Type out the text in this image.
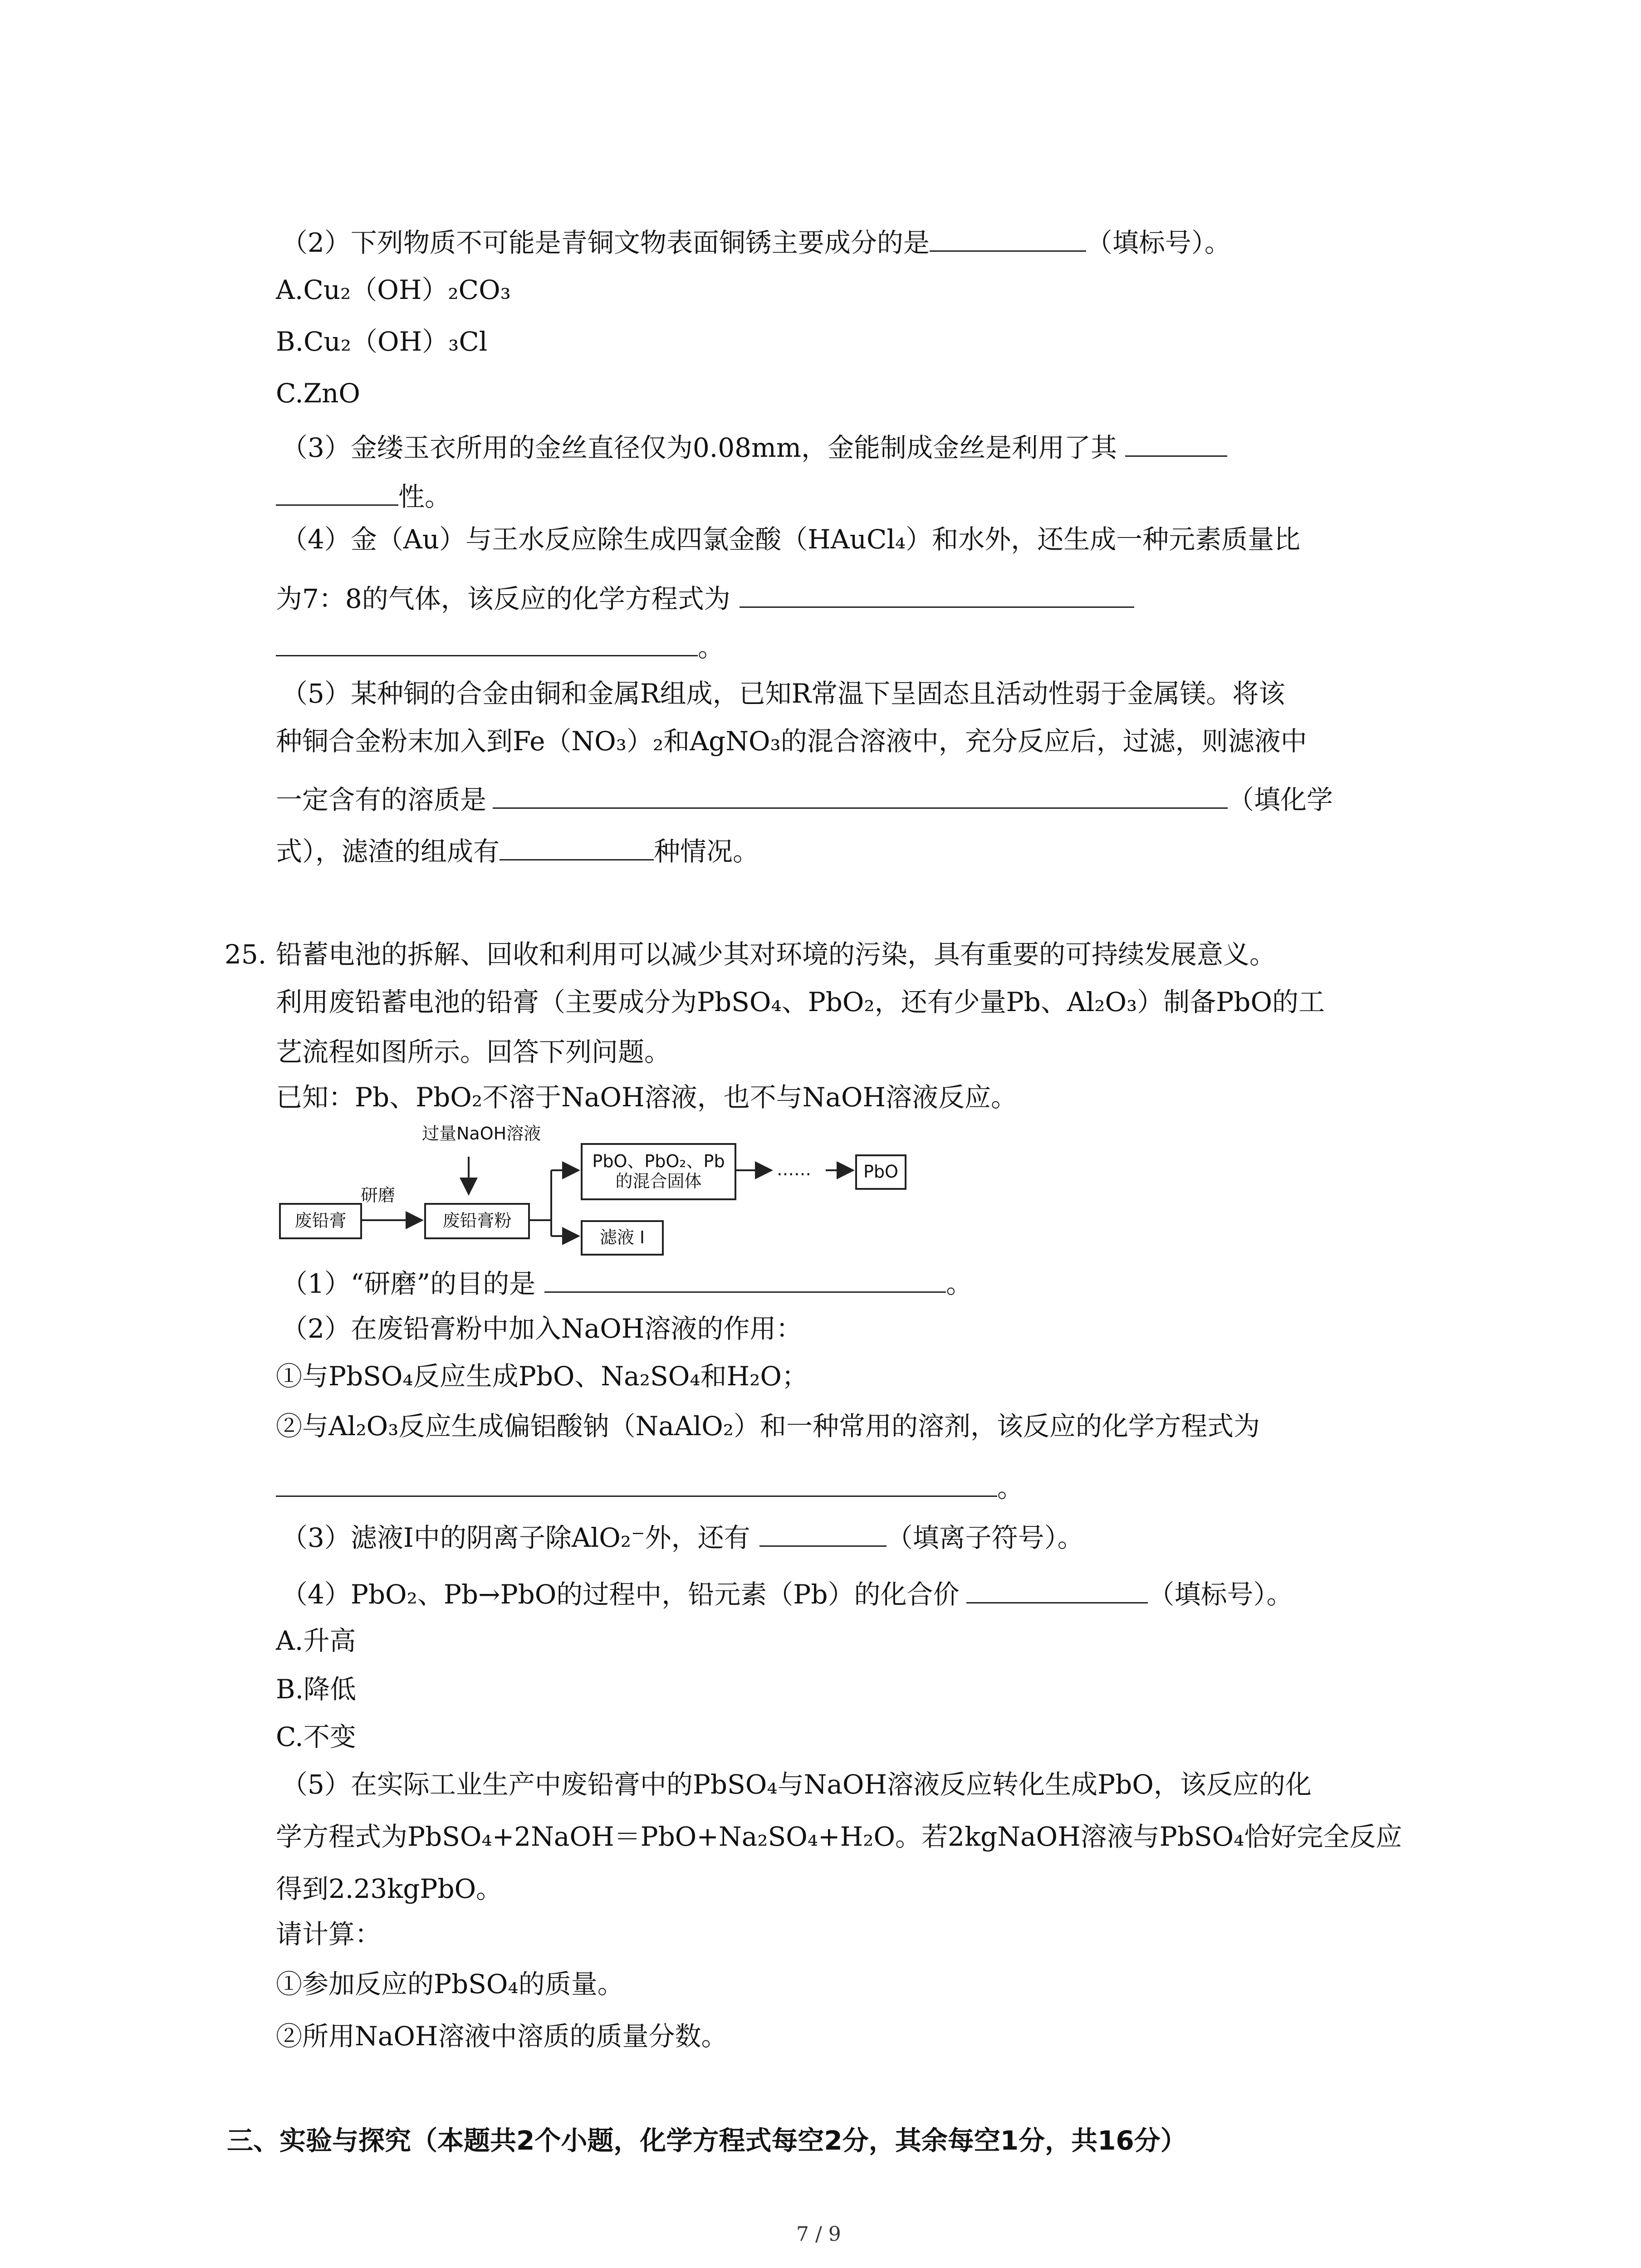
（2）下列物质不可能是青铜文物表面铜锈主要成分的是	（填标号）。
A.Cu₂（OH）₂CO₃
B.Cu₂（OH）₃Cl
C.ZnO
（3）金缕玉衣所用的金丝直径仅为0.08mm，金能制成金丝是利用了其
性。
（4）金（Au）与王水反应除生成四氯金酸（HAuCl₄）和水外，还生成一种元素质量比
为7：8的气体，该反应的化学方程式为
。
（5）某种铜的合金由铜和金属R组成，已知R常温下呈固态且活动性弱于金属镁。将该
种铜合金粉末加入到Fe（NO₃）₂和AgNO₃的混合溶液中，充分反应后，过滤，则滤液中
一定含有的溶质是	（填化学
式），滤渣的组成有	种情况。
25. 铅蓄电池的拆解、回收和利用可以减少其对环境的污染，具有重要的可持续发展意义。
利用废铅蓄电池的铅膏（主要成分为PbSO₄、PbO₂，还有少量Pb、Al₂O₃）制备PbO的工
艺流程如图所示。回答下列问题。
已知：Pb、PbO₂不溶于NaOH溶液，也不与NaOH溶液反应。
过量NaOH溶液
废铅膏
研磨
废铅膏粉
PbO、PbO₂、Pb
的混合固体
……	PbO
滤液 I
（1）“研磨”的目的是	。
（2）在废铅膏粉中加入NaOH溶液的作用：
①与PbSO₄反应生成PbO、Na₂SO₄和H₂O；
②与Al₂O₃反应生成偏铝酸钠（NaAlO₂）和一种常用的溶剂，该反应的化学方程式为
。
（3）滤液I中的阴离子除AlO₂⁻外，还有	（填离子符号）。
（4）PbO₂、Pb→PbO的过程中，铅元素（Pb）的化合价	（填标号）。
A.升高
B.降低
C.不变
（5）在实际工业生产中废铅膏中的PbSO₄与NaOH溶液反应转化生成PbO，该反应的化
学方程式为PbSO₄+2NaOH＝PbO+Na₂SO₄+H₂O。若2kgNaOH溶液与PbSO₄恰好完全反应
得到2.23kgPbO。
请计算：
①参加反应的PbSO₄的质量。
②所用NaOH溶液中溶质的质量分数。
三、实验与探究（本题共2个小题，化学方程式每空2分，其余每空1分，共16分）
7 / 9
